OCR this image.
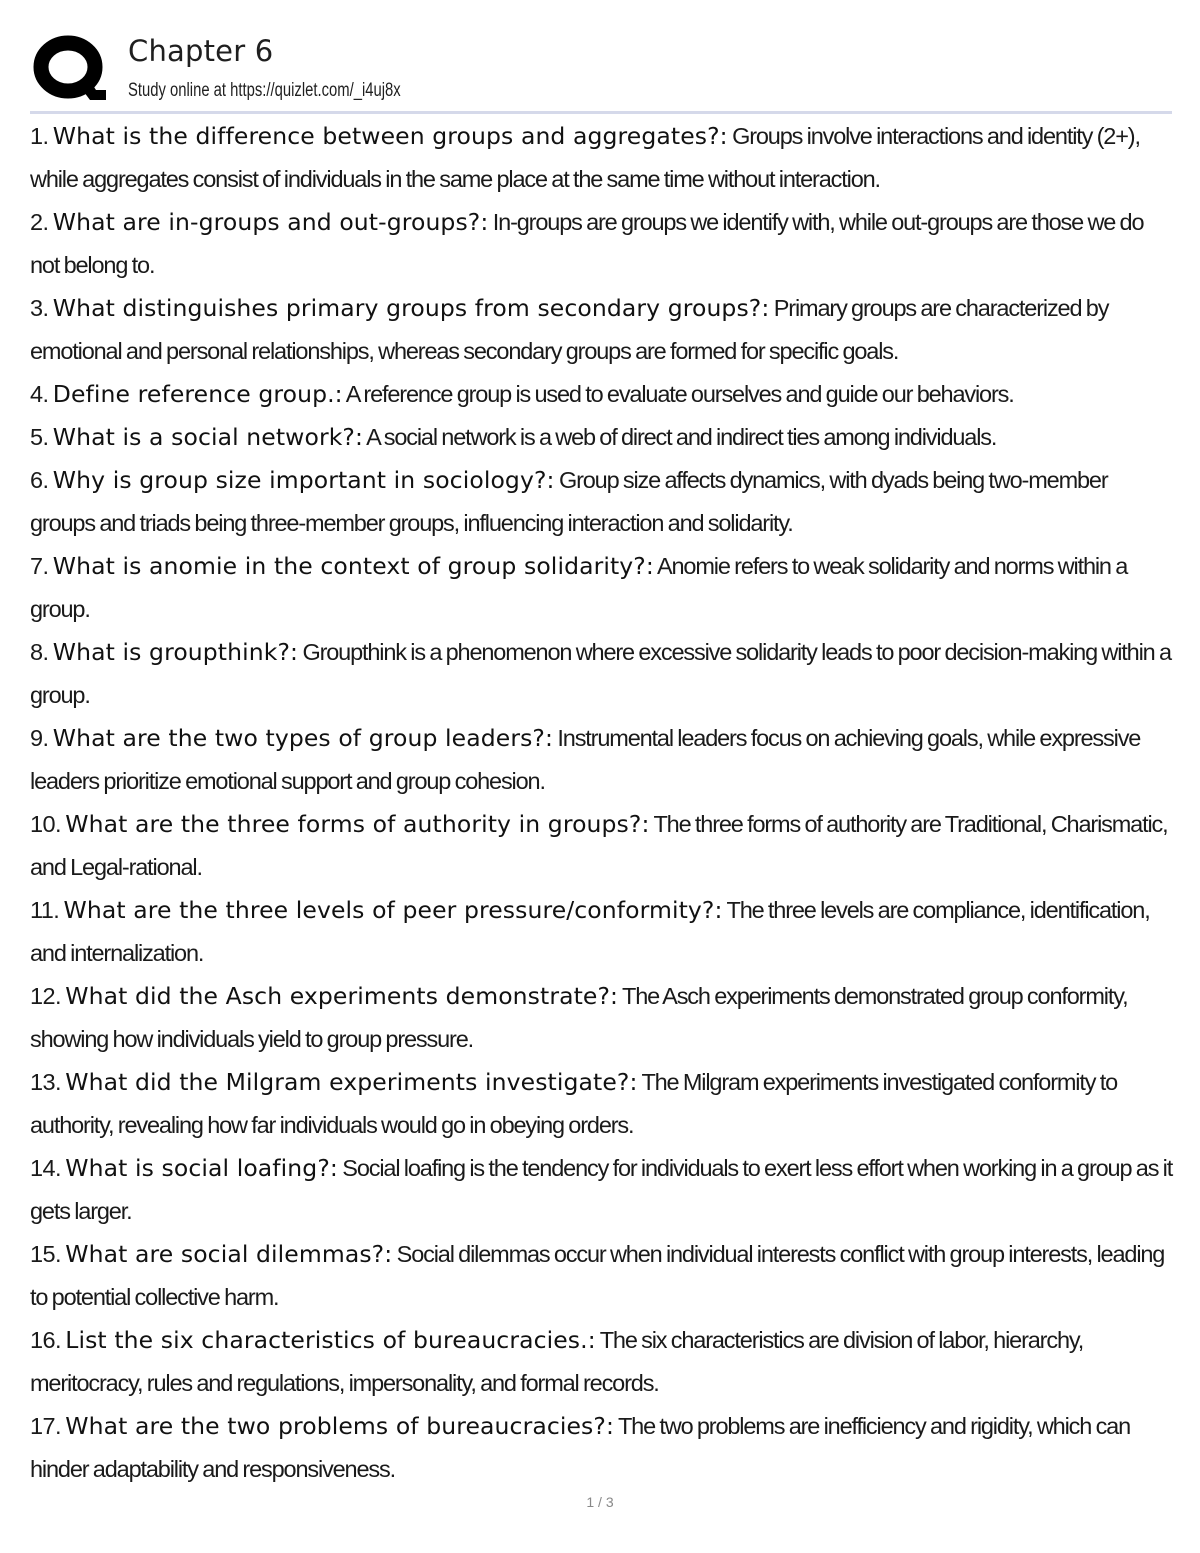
Chapter 6
Study online at https://quizlet.com/_i4uj8x
1. What is the difference between groups and aggregates?: Groups involve interactions and identity (2+), while aggregates consist of individuals in the same place at the same time without interaction.
2. What are in-groups and out-groups?: In-groups are groups we identify with, while out-groups are those we do not belong to.
3. What distinguishes primary groups from secondary groups?: Primary groups are characterized by emotional and personal relationships, whereas secondary groups are formed for specific goals.
4. Define reference group.: A reference group is used to evaluate ourselves and guide our behaviors.
5. What is a social network?: A social network is a web of direct and indirect ties among individuals.
6. Why is group size important in sociology?: Group size affects dynamics, with dyads being two-member groups and triads being three-member groups, influencing interaction and solidarity.
7. What is anomie in the context of group solidarity?: Anomie refers to weak solidarity and norms within a group.
8. What is groupthink?: Groupthink is a phenomenon where excessive solidarity leads to poor decision-making within a group.
9. What are the two types of group leaders?: Instrumental leaders focus on achieving goals, while expressive leaders prioritize emotional support and group cohesion.
10. What are the three forms of authority in groups?: The three forms of authority are Traditional, Charismatic, and Legal-rational.
11. What are the three levels of peer pressure/conformity?: The three levels are compliance, identification, and internalization.
12. What did the Asch experiments demonstrate?: The Asch experiments demonstrated group conformity, showing how individuals yield to group pressure.
13. What did the Milgram experiments investigate?: The Milgram experiments investigated conformity to authority, revealing how far individuals would go in obeying orders.
14. What is social loafing?: Social loafing is the tendency for individuals to exert less effort when working in a group as it gets larger.
15. What are social dilemmas?: Social dilemmas occur when individual interests conflict with group interests, leading to potential collective harm.
16. List the six characteristics of bureaucracies.: The six characteristics are division of labor, hierarchy, meritocracy, rules and regulations, impersonality, and formal records.
17. What are the two problems of bureaucracies?: The two problems are inefficiency and rigidity, which can hinder adaptability and responsiveness.
1 / 3
